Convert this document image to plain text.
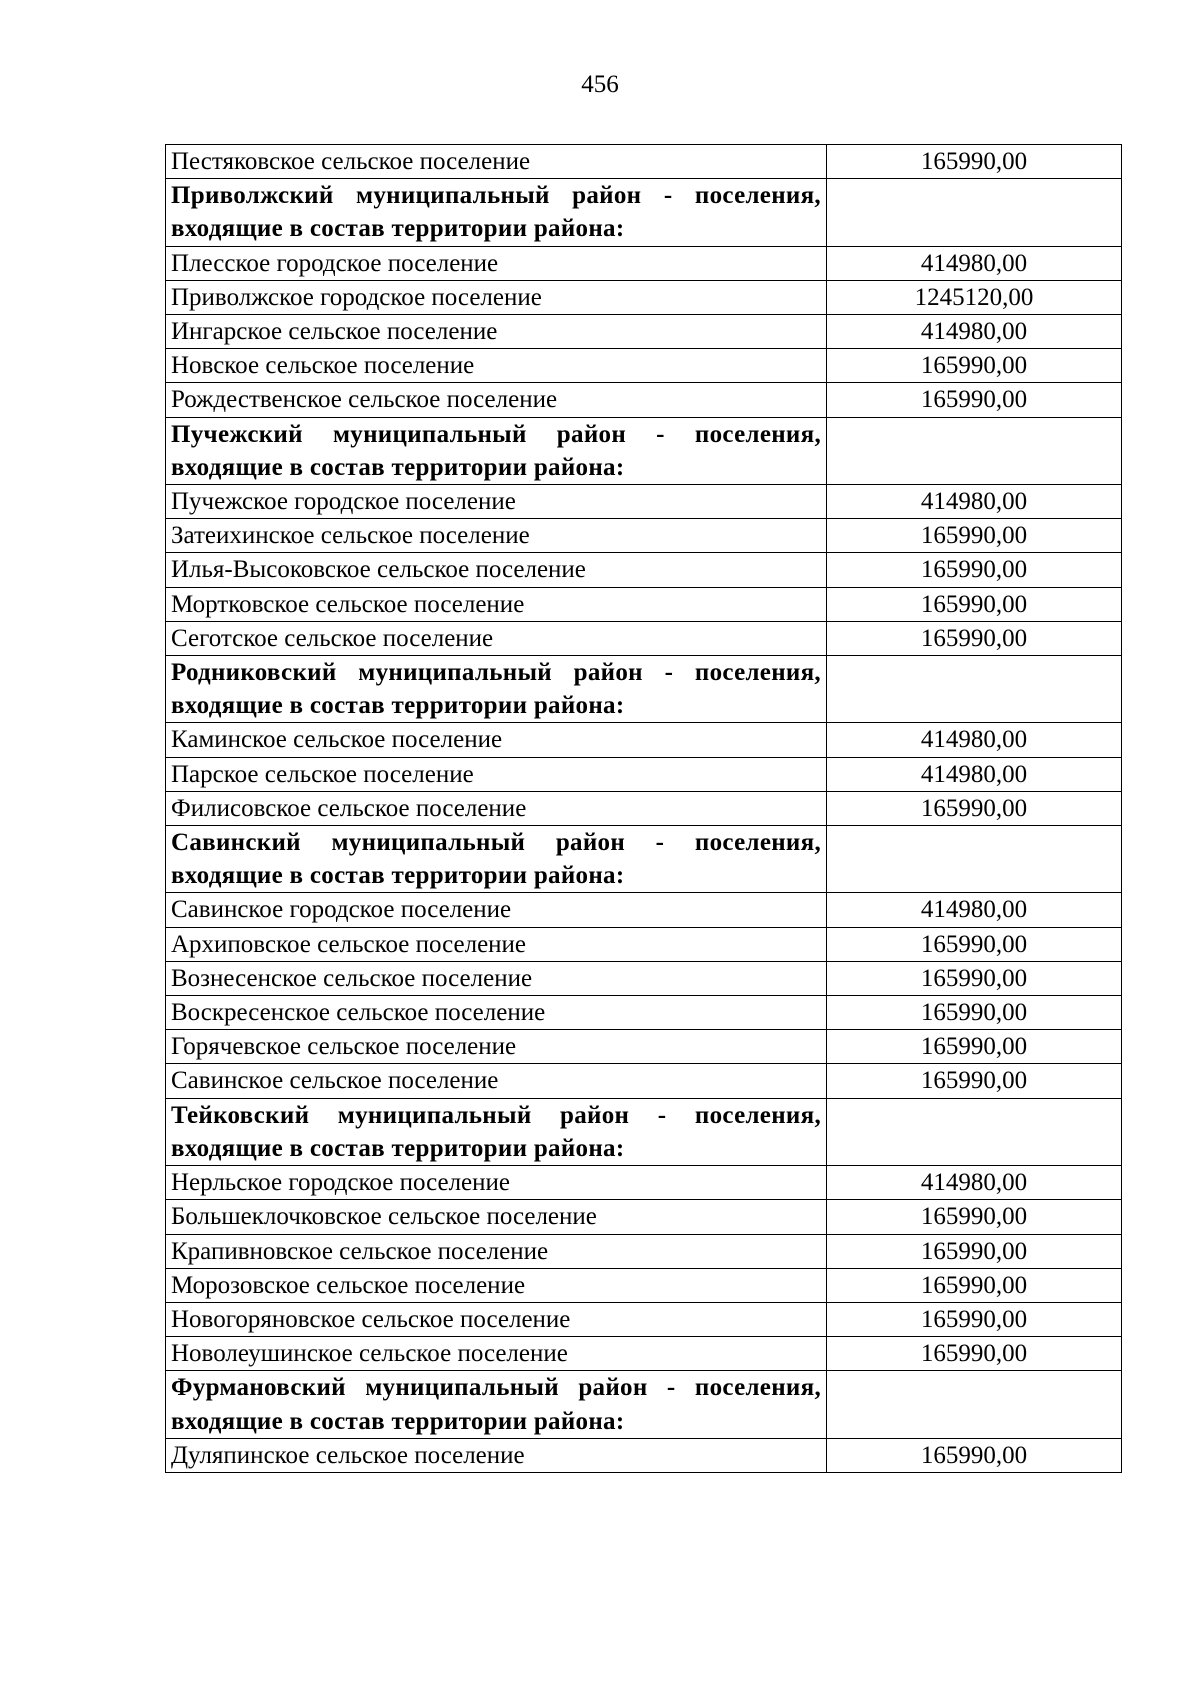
456
Пестяковское сельское поселение	165990,00
Приволжский муниципальный район - поселения, входящие в состав территории района:	
Плесское городское поселение	414980,00
Приволжское городское поселение	1245120,00
Ингарское сельское поселение	414980,00
Новское сельское поселение	165990,00
Рождественское сельское поселение	165990,00
Пучежский муниципальный район - поселения, входящие в состав территории района:	
Пучежское городское поселение	414980,00
Затеихинское сельское поселение	165990,00
Илья-Высоковское сельское поселение	165990,00
Мортковское сельское поселение	165990,00
Сеготское сельское поселение	165990,00
Родниковский муниципальный район - поселения, входящие в состав территории района:	
Каминское сельское поселение	414980,00
Парское сельское поселение	414980,00
Филисовское сельское поселение	165990,00
Савинский муниципальный район - поселения, входящие в состав территории района:	
Савинское городское поселение	414980,00
Архиповское сельское поселение	165990,00
Вознесенское сельское поселение	165990,00
Воскресенское сельское поселение	165990,00
Горячевское сельское поселение	165990,00
Савинское сельское поселение	165990,00
Тейковский муниципальный район - поселения, входящие в состав территории района:	
Нерльское городское поселение	414980,00
Большеклочковское сельское поселение	165990,00
Крапивновское сельское поселение	165990,00
Морозовское сельское поселение	165990,00
Новогоряновское сельское поселение	165990,00
Новолеушинское сельское поселение	165990,00
Фурмановский муниципальный район - поселения, входящие в состав территории района:	
Дуляпинское сельское поселение	165990,00
